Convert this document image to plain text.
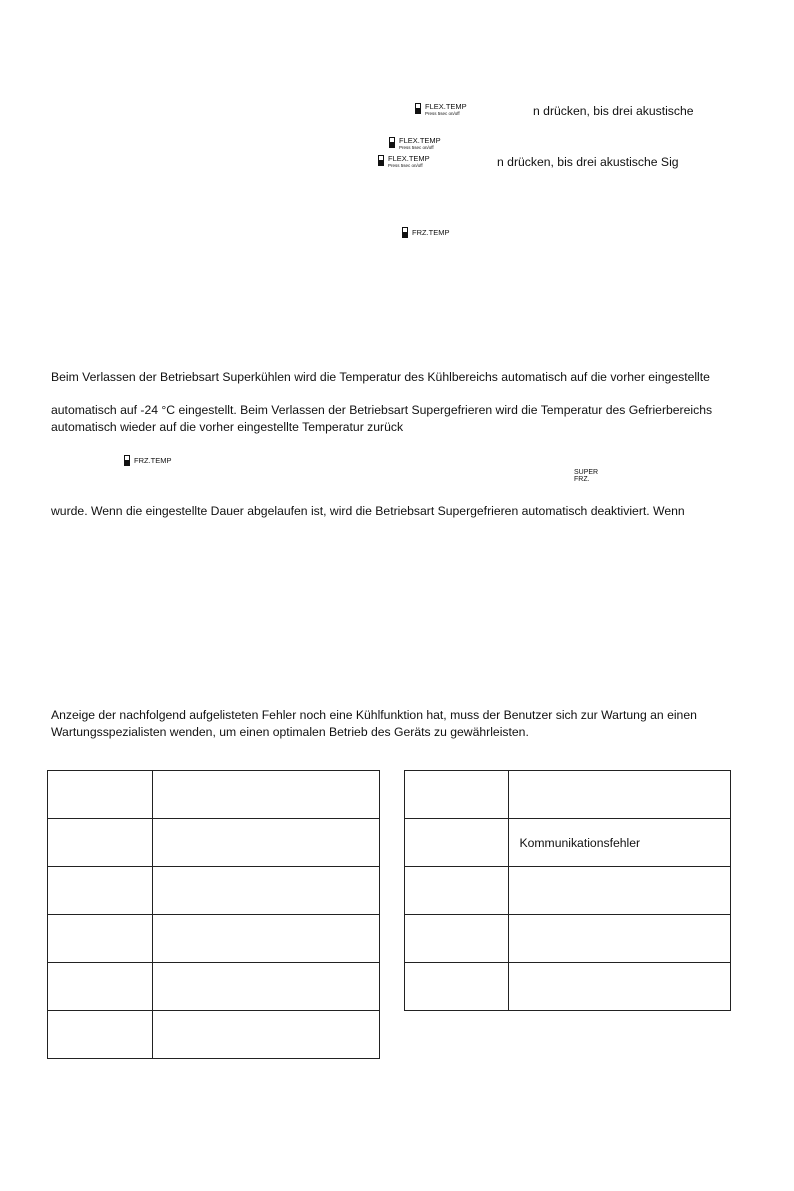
FLEX.TEMP
Press 5sec on/off	n drücken, bis drei akustische
FLEX.TEMP
Press 5sec on/off
FLEX.TEMP
Press 5sec on/off	n drücken, bis drei akustische Sig
FRZ.TEMP
Beim Verlassen der Betriebsart Superkühlen wird die Temperatur des Kühlbereichs automatisch auf die vorher eingestellte
automatisch auf -24 °C eingestellt. Beim Verlassen der Betriebsart Supergefrieren wird die Temperatur des Gefrierbereichs
automatisch wieder auf die vorher eingestellte Temperatur zurück
FRZ.TEMP
SUPER
FRZ.
wurde. Wenn die eingestellte Dauer abgelaufen ist, wird die Betriebsart Supergefrieren automatisch deaktiviert. Wenn
Anzeige der nachfolgend aufgelisteten Fehler noch eine Kühlfunktion hat, muss der Benutzer sich zur Wartung an einen
Wartungsspezialisten wenden, um einen optimalen Betrieb des Geräts zu gewährleisten.

	Kommunikationsfehler
